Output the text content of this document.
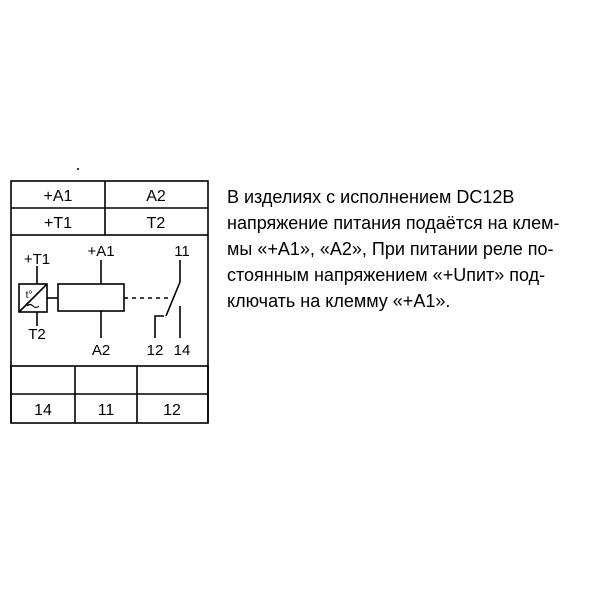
+A1	A2
+T1	T2
+T1
T2
t°
+A1
A2
11
12 14
14	11	12
В изделиях с исполнением DC12B
напряжение питания подаётся на клем-
мы «+A1», «A2», При питании реле по-
стоянным напряжением «+Uпит» под-
ключать на клемму «+A1».
